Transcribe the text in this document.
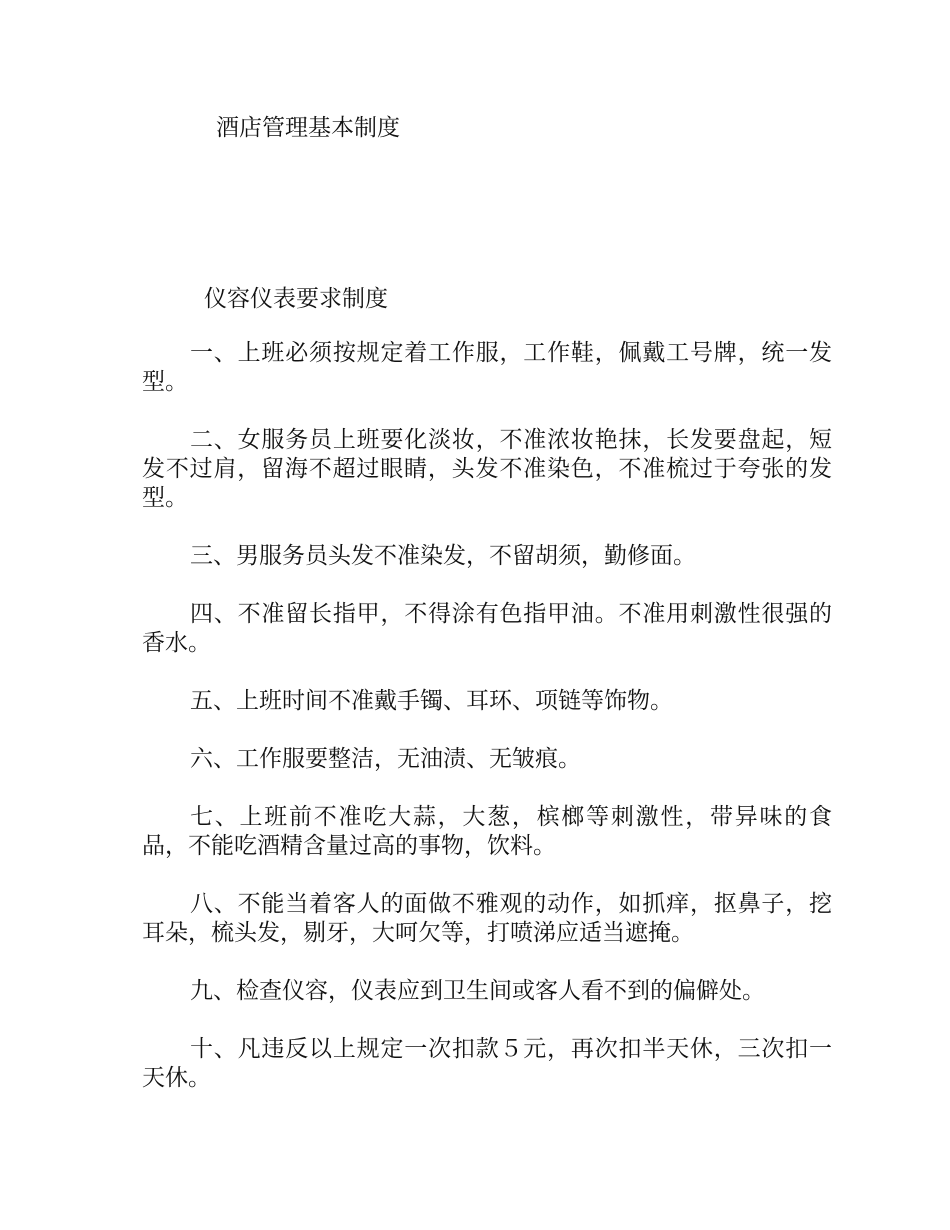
酒店管理基本制度
仪容仪表要求制度
一、上班必须按规定着工作服，工作鞋，佩戴工号牌，统一发型。
二、女服务员上班要化淡妆，不准浓妆艳抹，长发要盘起，短发不过肩，留海不超过眼睛，头发不准染色，不准梳过于夸张的发型。
三、男服务员头发不准染发，不留胡须，勤修面。
四、不准留长指甲，不得涂有色指甲油。不准用刺激性很强的香水。
五、上班时间不准戴手镯、耳环、项链等饰物。
六、工作服要整洁，无油渍、无皱痕。
七、上班前不准吃大蒜，大葱，槟榔等刺激性，带异味的食品，不能吃酒精含量过高的事物，饮料。
八、不能当着客人的面做不雅观的动作，如抓痒，抠鼻子，挖耳朵，梳头发，剔牙，大呵欠等，打喷涕应适当遮掩。
九、检查仪容，仪表应到卫生间或客人看不到的偏僻处。
十、凡违反以上规定一次扣款５元，再次扣半天休，三次扣一天休。
